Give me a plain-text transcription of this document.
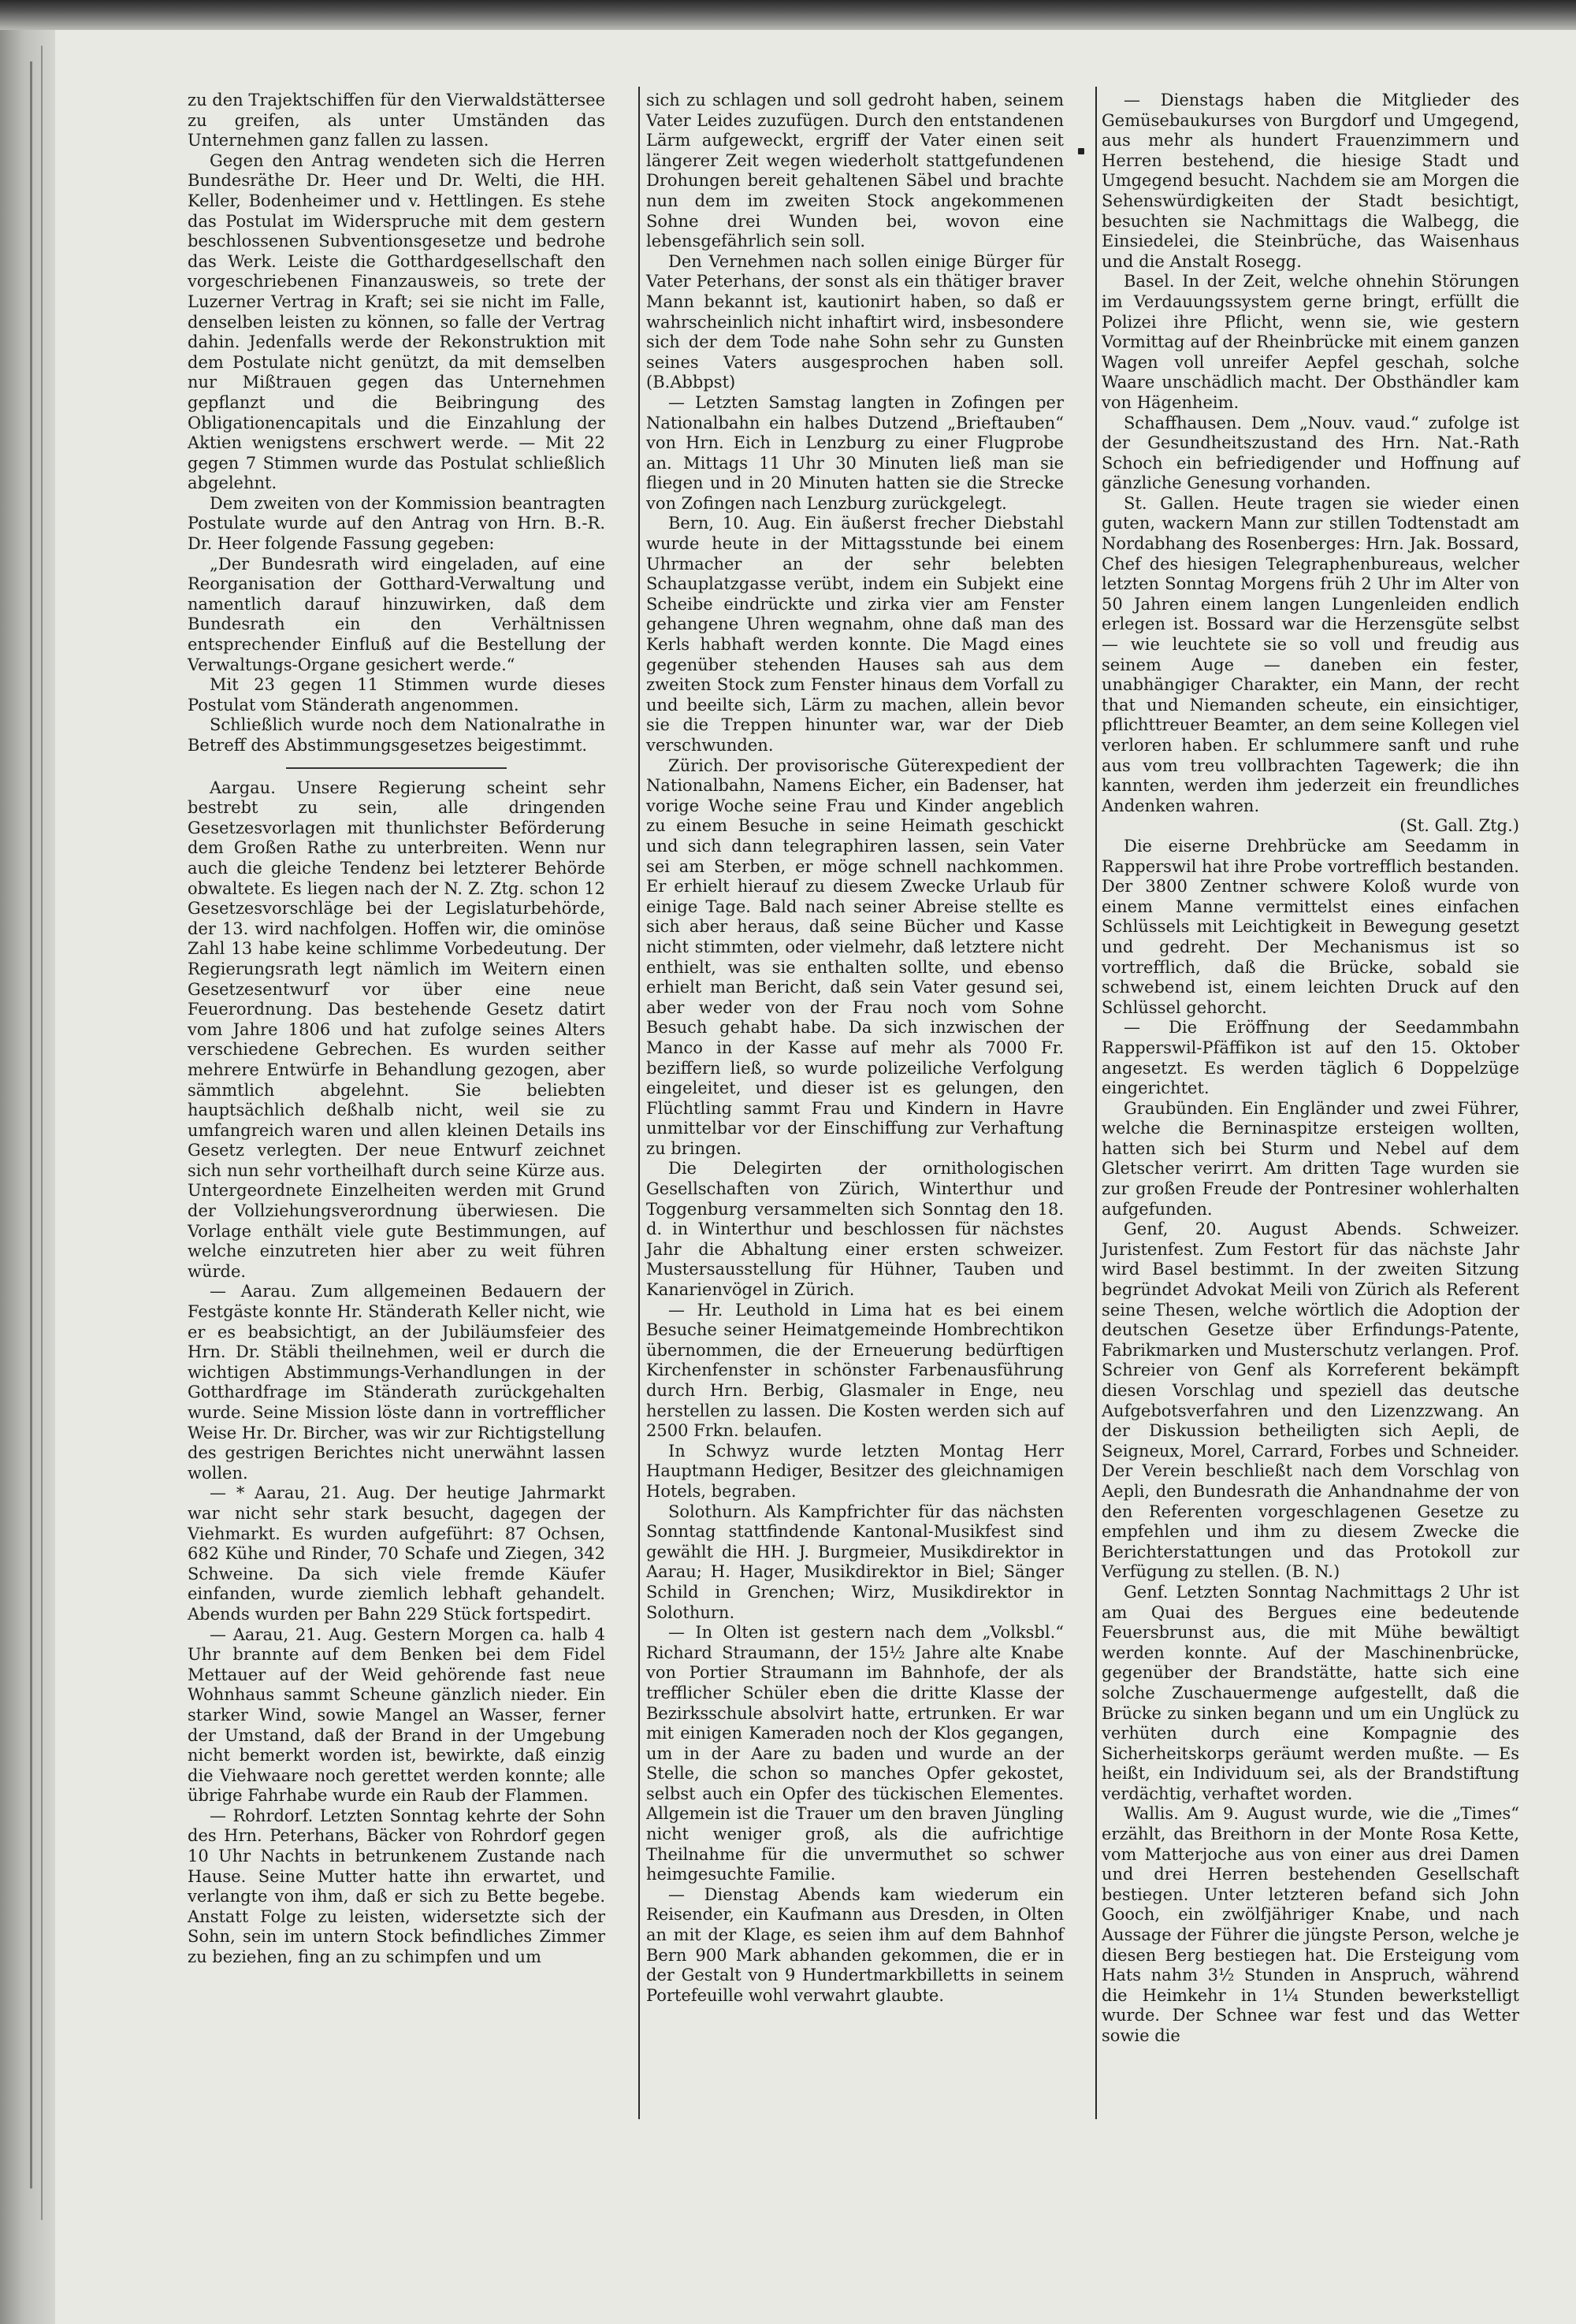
zu den Trajektschiffen für den Vierwaldstättersee zu greifen, als unter Umständen das Unternehmen ganz fallen zu lassen.

Gegen den Antrag wendeten sich die Herren Bundesräthe Dr. Heer und Dr. Welti, die HH. Keller, Bodenheimer und v. Hettlingen. Es stehe das Postulat im Widerspruche mit dem gestern beschlossenen Subventionsgesetze und bedrohe das Werk. Leiste die Gotthardgesellschaft den vorgeschriebenen Finanzausweis, so trete der Luzerner Vertrag in Kraft; sei sie nicht im Falle, denselben leisten zu können, so falle der Vertrag dahin. Jedenfalls werde der Rekonstruktion mit dem Postulate nicht genützt, da mit demselben nur Mißtrauen gegen das Unternehmen gepflanzt und die Beibringung des Obligationencapitals und die Einzahlung der Aktien wenigstens erschwert werde. — Mit 22 gegen 7 Stimmen wurde das Postulat schließlich abgelehnt.

Dem zweiten von der Kommission beantragten Postulate wurde auf den Antrag von Hrn. B.-R. Dr. Heer folgende Fassung gegeben:

„Der Bundesrath wird eingeladen, auf eine Reorganisation der Gotthard-Verwaltung und namentlich darauf hinzuwirken, daß dem Bundesrath ein den Verhältnissen entsprechender Einfluß auf die Bestellung der Verwaltungs-Organe gesichert werde.“

Mit 23 gegen 11 Stimmen wurde dieses Postulat vom Ständerath angenommen.

Schließlich wurde noch dem Nationalrathe in Betreff des Abstimmungsgesetzes beigestimmt.

Aargau. Unsere Regierung scheint sehr bestrebt zu sein, alle dringenden Gesetzesvorlagen mit thunlichster Beförderung dem Großen Rathe zu unterbreiten. Wenn nur auch die gleiche Tendenz bei letzterer Behörde obwaltete. Es liegen nach der N. Z. Ztg. schon 12 Gesetzesvorschläge bei der Legislaturbehörde, der 13. wird nachfolgen. Hoffen wir, die ominöse Zahl 13 habe keine schlimme Vorbedeutung. Der Regierungsrath legt nämlich im Weitern einen Gesetzesentwurf vor über eine neue Feuerordnung. Das bestehende Gesetz datirt vom Jahre 1806 und hat zufolge seines Alters verschiedene Gebrechen. Es wurden seither mehrere Entwürfe in Behandlung gezogen, aber sämmtlich abgelehnt. Sie beliebten hauptsächlich deßhalb nicht, weil sie zu umfangreich waren und allen kleinen Details ins Gesetz verlegten. Der neue Entwurf zeichnet sich nun sehr vortheilhaft durch seine Kürze aus. Untergeordnete Einzelheiten werden mit Grund der Vollziehungsverordnung überwiesen. Die Vorlage enthält viele gute Bestimmungen, auf welche einzutreten hier aber zu weit führen würde.

— Aarau. Zum allgemeinen Bedauern der Festgäste konnte Hr. Ständerath Keller nicht, wie er es beabsichtigt, an der Jubiläumsfeier des Hrn. Dr. Stäbli theilnehmen, weil er durch die wichtigen Abstimmungs-Verhandlungen in der Gotthardfrage im Ständerath zurückgehalten wurde. Seine Mission löste dann in vortrefflicher Weise Hr. Dr. Bircher, was wir zur Richtigstellung des gestrigen Berichtes nicht unerwähnt lassen wollen.

— * Aarau, 21. Aug. Der heutige Jahrmarkt war nicht sehr stark besucht, dagegen der Viehmarkt. Es wurden aufgeführt: 87 Ochsen, 682 Kühe und Rinder, 70 Schafe und Ziegen, 342 Schweine. Da sich viele fremde Käufer einfanden, wurde ziemlich lebhaft gehandelt. Abends wurden per Bahn 229 Stück fortspedirt.

— Aarau, 21. Aug. Gestern Morgen ca. halb 4 Uhr brannte auf dem Benken bei dem Fidel Mettauer auf der Weid gehörende fast neue Wohnhaus sammt Scheune gänzlich nieder. Ein starker Wind, sowie Mangel an Wasser, ferner der Umstand, daß der Brand in der Umgebung nicht bemerkt worden ist, bewirkte, daß einzig die Viehwaare noch gerettet werden konnte; alle übrige Fahrhabe wurde ein Raub der Flammen.

— Rohrdorf. Letzten Sonntag kehrte der Sohn des Hrn. Peterhans, Bäcker von Rohrdorf gegen 10 Uhr Nachts in betrunkenem Zustande nach Hause. Seine Mutter hatte ihn erwartet, und verlangte von ihm, daß er sich zu Bette begebe. Anstatt Folge zu leisten, widersetzte sich der Sohn, sein im untern Stock befindliches Zimmer zu beziehen, fing an zu schimpfen und um

sich zu schlagen und soll gedroht haben, seinem Vater Leides zuzufügen. Durch den entstandenen Lärm aufgeweckt, ergriff der Vater einen seit längerer Zeit wegen wiederholt stattgefundenen Drohungen bereit gehaltenen Säbel und brachte nun dem im zweiten Stock angekommenen Sohne drei Wunden bei, wovon eine lebensgefährlich sein soll.

Den Vernehmen nach sollen einige Bürger für Vater Peterhans, der sonst als ein thätiger braver Mann bekannt ist, kautionirt haben, so daß er wahrscheinlich nicht inhaftirt wird, insbesondere sich der dem Tode nahe Sohn sehr zu Gunsten seines Vaters ausgesprochen haben soll. (B.Abbpst)

— Letzten Samstag langten in Zofingen per Nationalbahn ein halbes Dutzend „Brieftauben“ von Hrn. Eich in Lenzburg zu einer Flugprobe an. Mittags 11 Uhr 30 Minuten ließ man sie fliegen und in 20 Minuten hatten sie die Strecke von Zofingen nach Lenzburg zurückgelegt.

Bern, 10. Aug. Ein äußerst frecher Diebstahl wurde heute in der Mittagsstunde bei einem Uhrmacher an der sehr belebten Schauplatzgasse verübt, indem ein Subjekt eine Scheibe eindrückte und zirka vier am Fenster gehangene Uhren wegnahm, ohne daß man des Kerls habhaft werden konnte. Die Magd eines gegenüber stehenden Hauses sah aus dem zweiten Stock zum Fenster hinaus dem Vorfall zu und beeilte sich, Lärm zu machen, allein bevor sie die Treppen hinunter war, war der Dieb verschwunden.

Zürich. Der provisorische Güterexpedient der Nationalbahn, Namens Eicher, ein Badenser, hat vorige Woche seine Frau und Kinder angeblich zu einem Besuche in seine Heimath geschickt und sich dann telegraphiren lassen, sein Vater sei am Sterben, er möge schnell nachkommen. Er erhielt hierauf zu diesem Zwecke Urlaub für einige Tage. Bald nach seiner Abreise stellte es sich aber heraus, daß seine Bücher und Kasse nicht stimmten, oder vielmehr, daß letztere nicht enthielt, was sie enthalten sollte, und ebenso erhielt man Bericht, daß sein Vater gesund sei, aber weder von der Frau noch vom Sohne Besuch gehabt habe. Da sich inzwischen der Manco in der Kasse auf mehr als 7000 Fr. beziffern ließ, so wurde polizeiliche Verfolgung eingeleitet, und dieser ist es gelungen, den Flüchtling sammt Frau und Kindern in Havre unmittelbar vor der Einschiffung zur Verhaftung zu bringen.

Die Delegirten der ornithologischen Gesellschaften von Zürich, Winterthur und Toggenburg versammelten sich Sonntag den 18. d. in Winterthur und beschlossen für nächstes Jahr die Abhaltung einer ersten schweizer. Mustersausstellung für Hühner, Tauben und Kanarienvögel in Zürich.

— Hr. Leuthold in Lima hat es bei einem Besuche seiner Heimatgemeinde Hombrechtikon übernommen, die der Erneuerung bedürftigen Kirchenfenster in schönster Farbenausführung durch Hrn. Berbig, Glasmaler in Enge, neu herstellen zu lassen. Die Kosten werden sich auf 2500 Frkn. belaufen.

In Schwyz wurde letzten Montag Herr Hauptmann Hediger, Besitzer des gleichnamigen Hotels, begraben.

Solothurn. Als Kampfrichter für das nächsten Sonntag stattfindende Kantonal-Musikfest sind gewählt die HH. J. Burgmeier, Musikdirektor in Aarau; H. Hager, Musikdirektor in Biel; Sänger Schild in Grenchen; Wirz, Musikdirektor in Solothurn.

— In Olten ist gestern nach dem „Volksbl.“ Richard Straumann, der 15½ Jahre alte Knabe von Portier Straumann im Bahnhofe, der als trefflicher Schüler eben die dritte Klasse der Bezirksschule absolvirt hatte, ertrunken. Er war mit einigen Kameraden noch der Klos gegangen, um in der Aare zu baden und wurde an der Stelle, die schon so manches Opfer gekostet, selbst auch ein Opfer des tückischen Elementes. Allgemein ist die Trauer um den braven Jüngling nicht weniger groß, als die aufrichtige Theilnahme für die unvermuthet so schwer heimgesuchte Familie.

— Dienstag Abends kam wiederum ein Reisender, ein Kaufmann aus Dresden, in Olten an mit der Klage, es seien ihm auf dem Bahnhof Bern 900 Mark abhanden gekommen, die er in der Gestalt von 9 Hundertmarkbilletts in seinem Portefeuille wohl verwahrt glaubte.

— Dienstags haben die Mitglieder des Gemüsebaukurses von Burgdorf und Umgegend, aus mehr als hundert Frauenzimmern und Herren bestehend, die hiesige Stadt und Umgegend besucht. Nachdem sie am Morgen die Sehenswürdigkeiten der Stadt besichtigt, besuchten sie Nachmittags die Walbegg, die Einsiedelei, die Steinbrüche, das Waisenhaus und die Anstalt Rosegg.

Basel. In der Zeit, welche ohnehin Störungen im Verdauungssystem gerne bringt, erfüllt die Polizei ihre Pflicht, wenn sie, wie gestern Vormittag auf der Rheinbrücke mit einem ganzen Wagen voll unreifer Aepfel geschah, solche Waare unschädlich macht. Der Obsthändler kam von Hägenheim.

Schaffhausen. Dem „Nouv. vaud.“ zufolge ist der Gesundheitszustand des Hrn. Nat.-Rath Schoch ein befriedigender und Hoffnung auf gänzliche Genesung vorhanden.

St. Gallen. Heute tragen sie wieder einen guten, wackern Mann zur stillen Todtenstadt am Nordabhang des Rosenberges: Hrn. Jak. Bossard, Chef des hiesigen Telegraphenbureaus, welcher letzten Sonntag Morgens früh 2 Uhr im Alter von 50 Jahren einem langen Lungenleiden endlich erlegen ist. Bossard war die Herzensgüte selbst — wie leuchtete sie so voll und freudig aus seinem Auge — daneben ein fester, unabhängiger Charakter, ein Mann, der recht that und Niemanden scheute, ein einsichtiger, pflichttreuer Beamter, an dem seine Kollegen viel verloren haben. Er schlummere sanft und ruhe aus vom treu vollbrachten Tagewerk; die ihn kannten, werden ihm jederzeit ein freundliches Andenken wahren.

(St. Gall. Ztg.)

Die eiserne Drehbrücke am Seedamm in Rapperswil hat ihre Probe vortrefflich bestanden. Der 3800 Zentner schwere Koloß wurde von einem Manne vermittelst eines einfachen Schlüssels mit Leichtigkeit in Bewegung gesetzt und gedreht. Der Mechanismus ist so vortrefflich, daß die Brücke, sobald sie schwebend ist, einem leichten Druck auf den Schlüssel gehorcht.

— Die Eröffnung der Seedammbahn Rapperswil-Pfäffikon ist auf den 15. Oktober angesetzt. Es werden täglich 6 Doppelzüge eingerichtet.

Graubünden. Ein Engländer und zwei Führer, welche die Berninaspitze ersteigen wollten, hatten sich bei Sturm und Nebel auf dem Gletscher verirrt. Am dritten Tage wurden sie zur großen Freude der Pontresiner wohlerhalten aufgefunden.

Genf, 20. August Abends. Schweizer. Juristenfest. Zum Festort für das nächste Jahr wird Basel bestimmt. In der zweiten Sitzung begründet Advokat Meili von Zürich als Referent seine Thesen, welche wörtlich die Adoption der deutschen Gesetze über Erfindungs-Patente, Fabrikmarken und Musterschutz verlangen. Prof. Schreier von Genf als Korreferent bekämpft diesen Vorschlag und speziell das deutsche Aufgebotsverfahren und den Lizenzzwang. An der Diskussion betheiligten sich Aepli, de Seigneux, Morel, Carrard, Forbes und Schneider. Der Verein beschließt nach dem Vorschlag von Aepli, den Bundesrath die Anhandnahme der von den Referenten vorgeschlagenen Gesetze zu empfehlen und ihm zu diesem Zwecke die Berichterstattungen und das Protokoll zur Verfügung zu stellen. (B. N.)

Genf. Letzten Sonntag Nachmittags 2 Uhr ist am Quai des Bergues eine bedeutende Feuersbrunst aus, die mit Mühe bewältigt werden konnte. Auf der Maschinenbrücke, gegenüber der Brandstätte, hatte sich eine solche Zuschauermenge aufgestellt, daß die Brücke zu sinken begann und um ein Unglück zu verhüten durch eine Kompagnie des Sicherheitskorps geräumt werden mußte. — Es heißt, ein Individuum sei, als der Brandstiftung verdächtig, verhaftet worden.

Wallis. Am 9. August wurde, wie die „Times“ erzählt, das Breithorn in der Monte Rosa Kette, vom Matterjoche aus von einer aus drei Damen und drei Herren bestehenden Gesellschaft bestiegen. Unter letzteren befand sich John Gooch, ein zwölfjähriger Knabe, und nach Aussage der Führer die jüngste Person, welche je diesen Berg bestiegen hat. Die Ersteigung vom Hats nahm 3½ Stunden in Anspruch, während die Heimkehr in 1¼ Stunden bewerkstelligt wurde. Der Schnee war fest und das Wetter sowie die
